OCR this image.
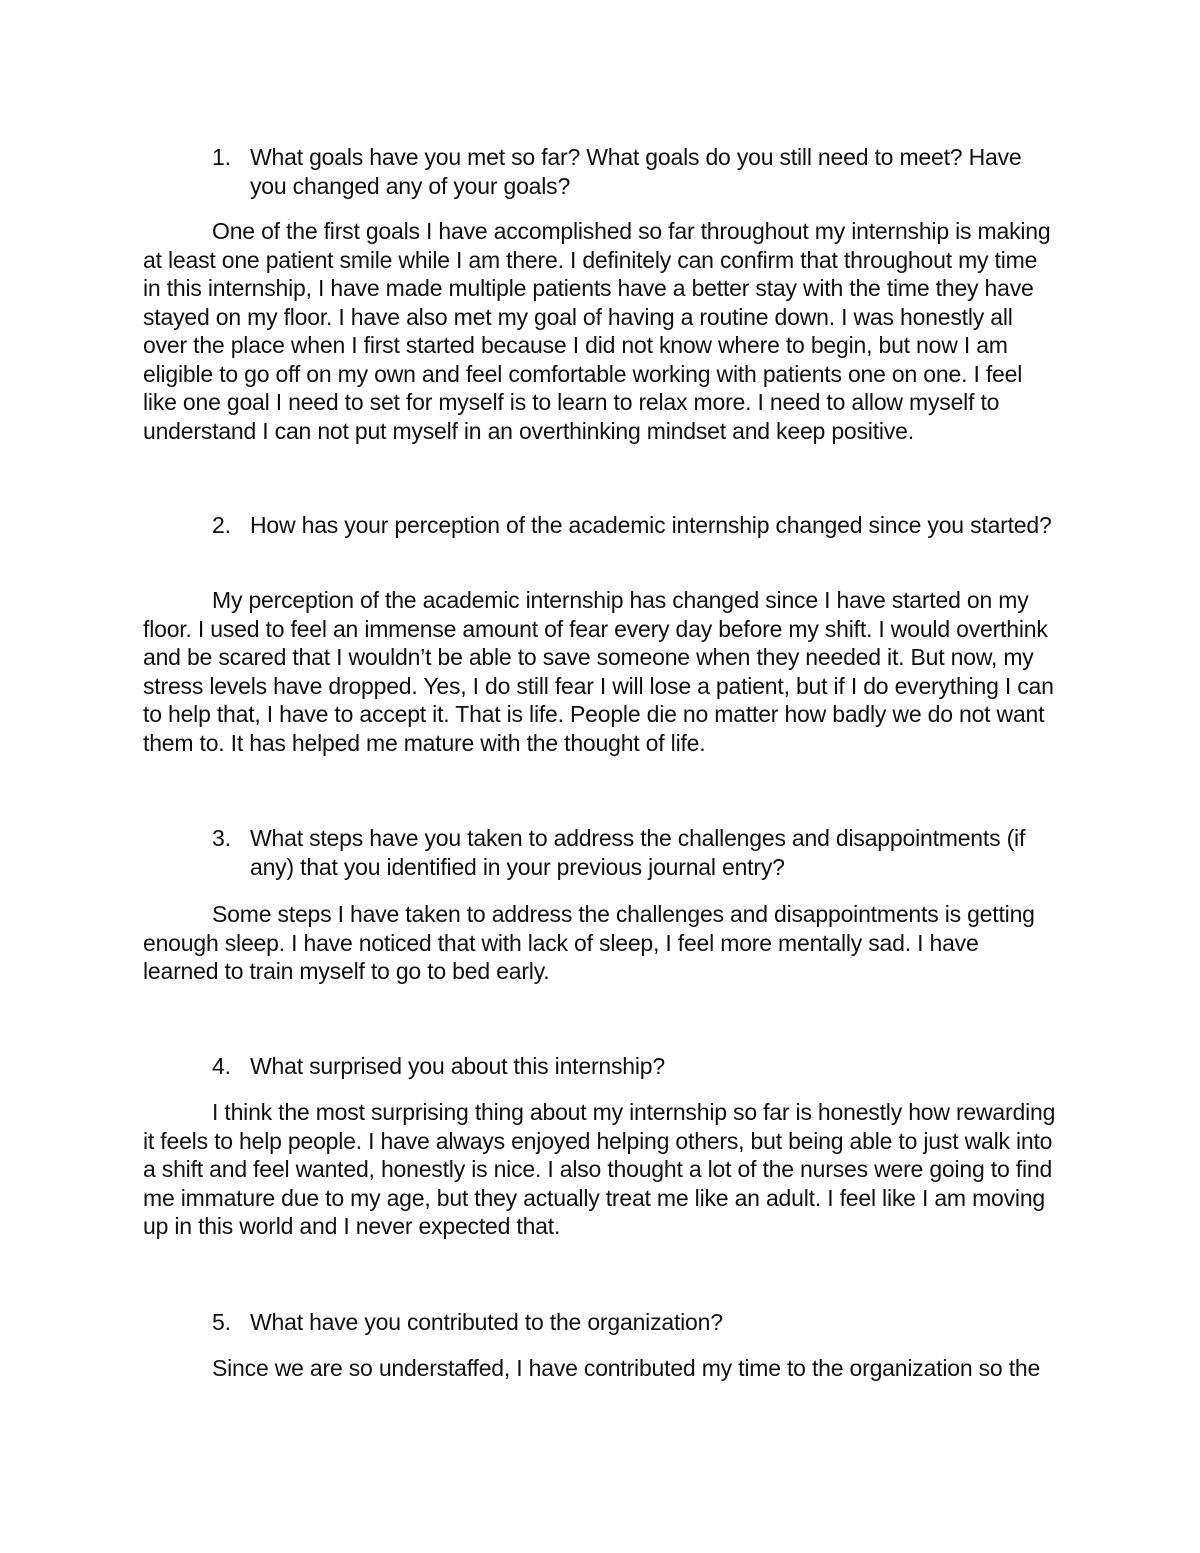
1. What goals have you met so far? What goals do you still need to meet? Have you changed any of your goals?

One of the first goals I have accomplished so far throughout my internship is making at least one patient smile while I am there. I definitely can confirm that throughout my time in this internship, I have made multiple patients have a better stay with the time they have stayed on my floor. I have also met my goal of having a routine down. I was honestly all over the place when I first started because I did not know where to begin, but now I am eligible to go off on my own and feel comfortable working with patients one on one. I feel like one goal I need to set for myself is to learn to relax more. I need to allow myself to understand I can not put myself in an overthinking mindset and keep positive.

2. How has your perception of the academic internship changed since you started?

My perception of the academic internship has changed since I have started on my floor. I used to feel an immense amount of fear every day before my shift. I would overthink and be scared that I wouldn’t be able to save someone when they needed it. But now, my stress levels have dropped. Yes, I do still fear I will lose a patient, but if I do everything I can to help that, I have to accept it. That is life. People die no matter how badly we do not want them to. It has helped me mature with the thought of life.

3. What steps have you taken to address the challenges and disappointments (if any) that you identified in your previous journal entry?

Some steps I have taken to address the challenges and disappointments is getting enough sleep. I have noticed that with lack of sleep, I feel more mentally sad. I have learned to train myself to go to bed early.

4. What surprised you about this internship?

I think the most surprising thing about my internship so far is honestly how rewarding it feels to help people. I have always enjoyed helping others, but being able to just walk into a shift and feel wanted, honestly is nice. I also thought a lot of the nurses were going to find me immature due to my age, but they actually treat me like an adult. I feel like I am moving up in this world and I never expected that.

5. What have you contributed to the organization?

Since we are so understaffed, I have contributed my time to the organization so the
